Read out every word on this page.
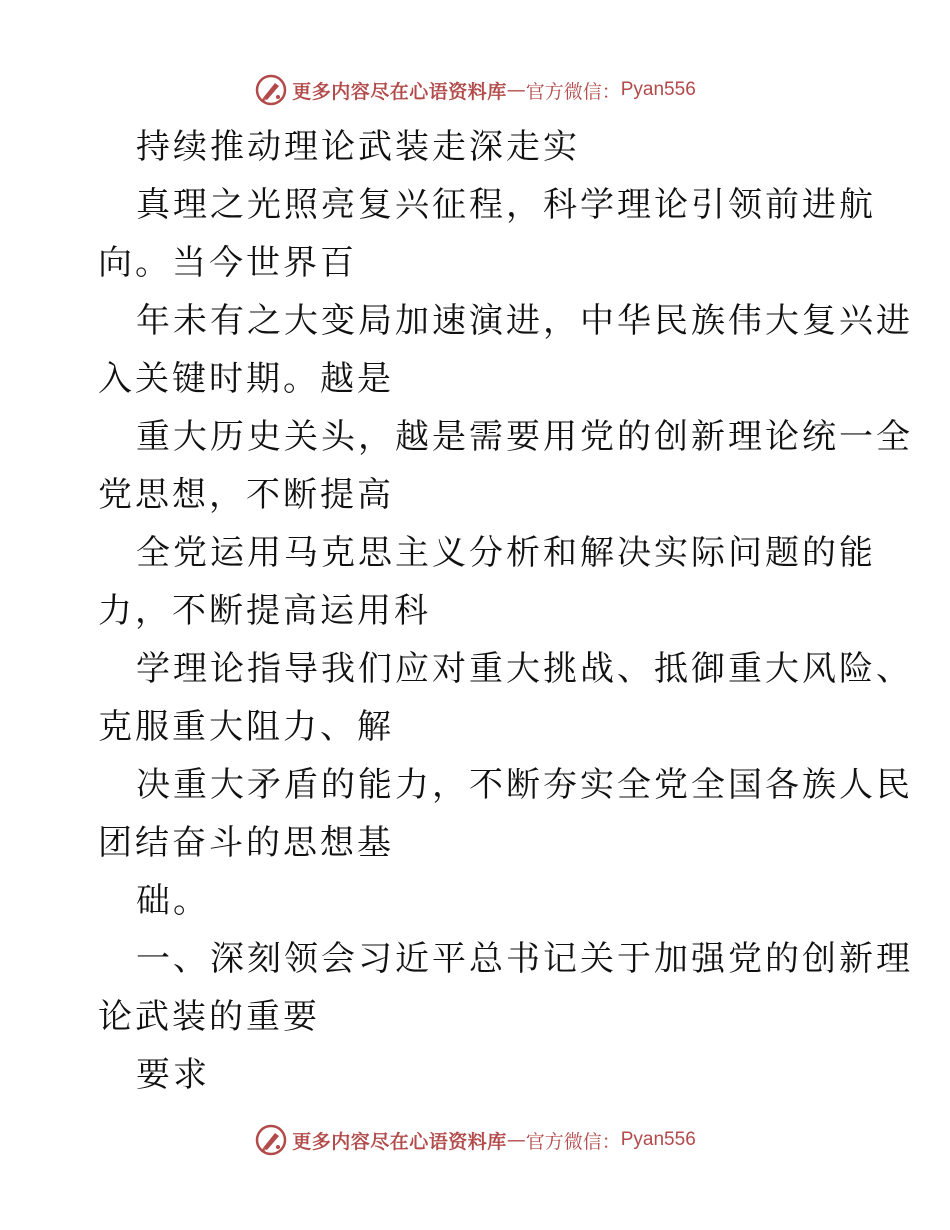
更多内容尽在心语资料库 — 官方微信： Pyan556
持续推动理论武装走深走实
真理之光照亮复兴征程，科学理论引领前进航
向。当今世界百
年未有之大变局加速演进，中华民族伟大复兴进
入关键时期。越是
重大历史关头，越是需要用党的创新理论统一全
党思想，不断提高
全党运用马克思主义分析和解决实际问题的能
力，不断提高运用科
学理论指导我们应对重大挑战、抵御重大风险、
克服重大阻力、解
决重大矛盾的能力，不断夯实全党全国各族人民
团结奋斗的思想基
础。
一、深刻领会习近平总书记关于加强党的创新理
论武装的重要
要求
更多内容尽在心语资料库 — 官方微信： Pyan556
